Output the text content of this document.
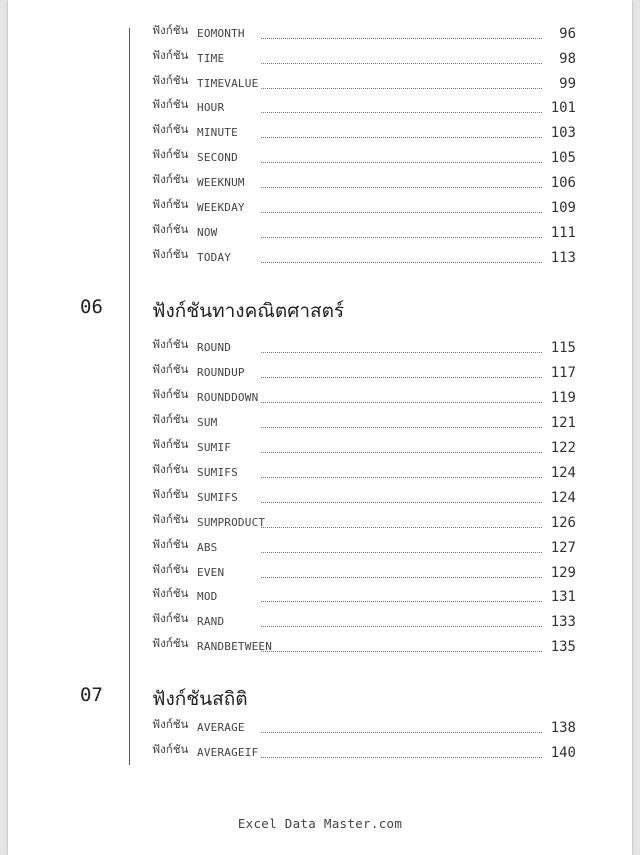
ฟังก์ชัน EOMONTH	96
ฟังก์ชัน TIME	98
ฟังก์ชัน TIMEVALUE	99
ฟังก์ชัน HOUR	101
ฟังก์ชัน MINUTE	103
ฟังก์ชัน SECOND	105
ฟังก์ชัน WEEKNUM	106
ฟังก์ชัน WEEKDAY	109
ฟังก์ชัน NOW	111
ฟังก์ชัน TODAY	113
06	ฟังก์ชันทางคณิตศาสตร์
ฟังก์ชัน ROUND	115
ฟังก์ชัน ROUNDUP	117
ฟังก์ชัน ROUNDDOWN	119
ฟังก์ชัน SUM	121
ฟังก์ชัน SUMIF	122
ฟังก์ชัน SUMIFS	124
ฟังก์ชัน SUMIFS	124
ฟังก์ชัน SUMPRODUCT	126
ฟังก์ชัน ABS	127
ฟังก์ชัน EVEN	129
ฟังก์ชัน MOD	131
ฟังก์ชัน RAND	133
ฟังก์ชัน RANDBETWEEN	135
07	ฟังก์ชันสถิติ
ฟังก์ชัน AVERAGE	138
ฟังก์ชัน AVERAGEIF	140
Excel Data Master.com
